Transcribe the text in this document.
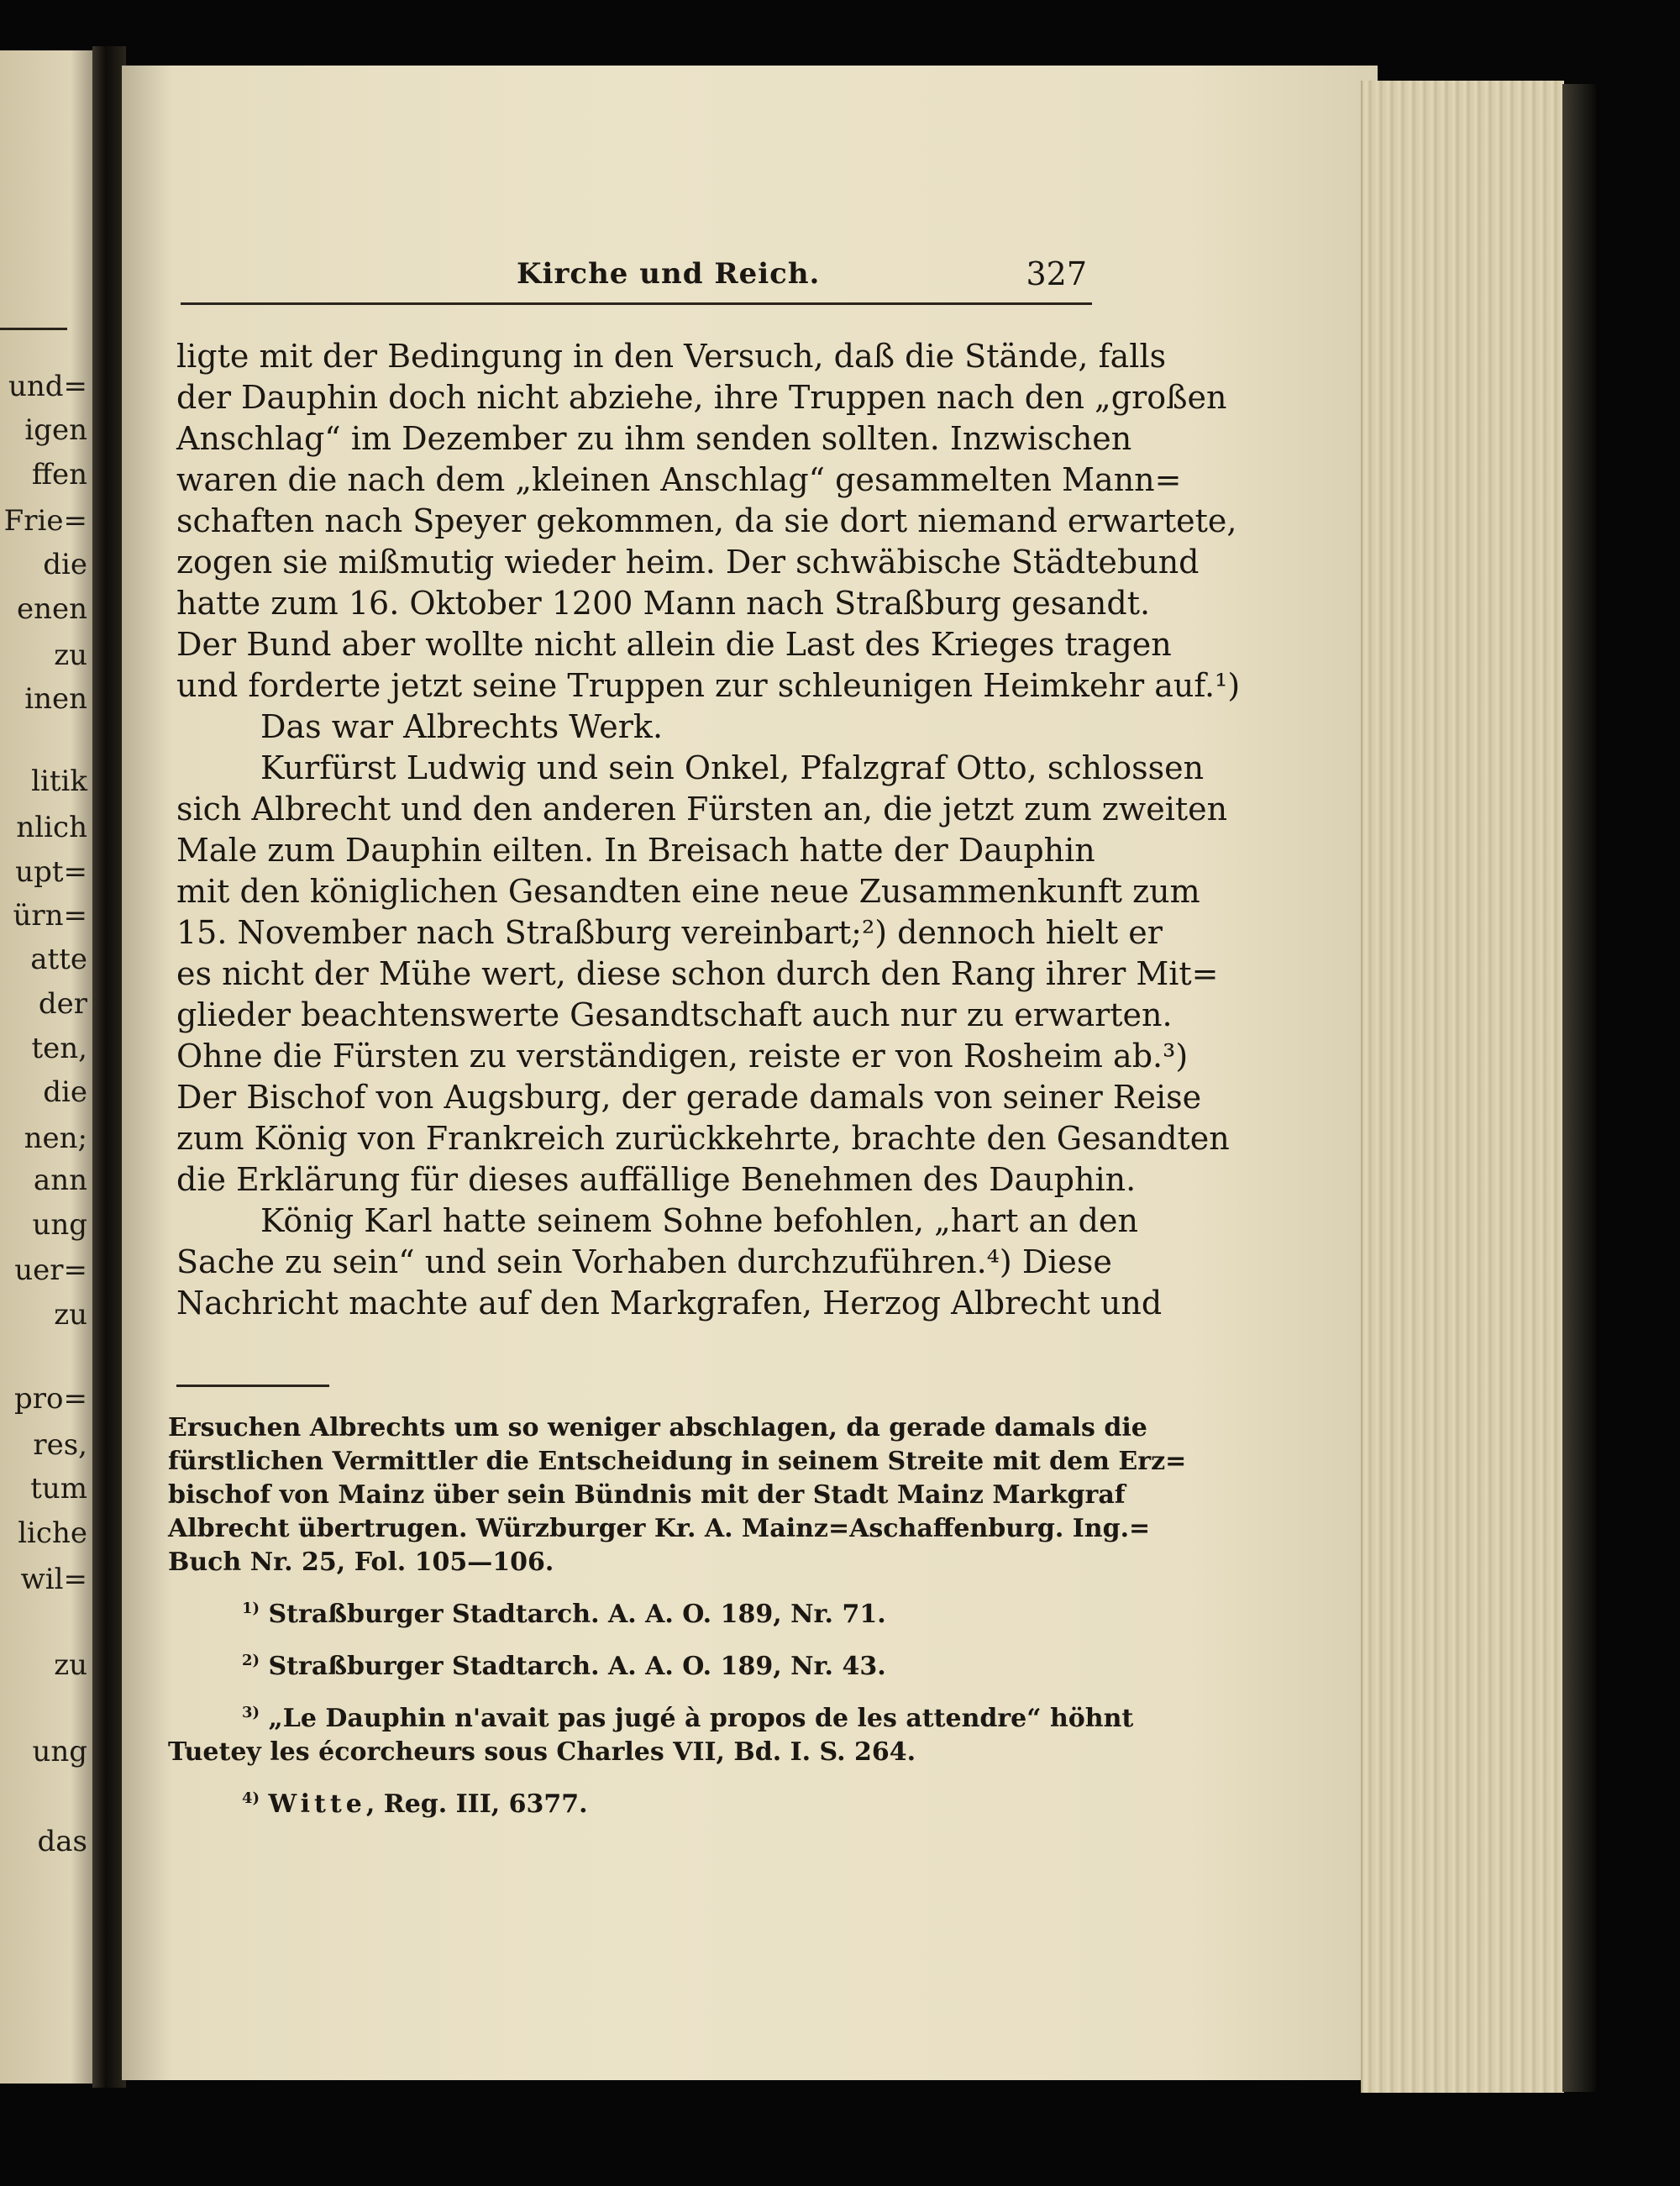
und=
igen
ffen
Frie=
die
enen
zu
inen
litik
nlich
upt=
ürn=
atte
der
ten,
die
nen;
ann
ung
uer=
zu
pro=
res,
tum
liche
wil=
zu
ung
das
Kirche und Reich.	327
ligte mit der Bedingung in den Versuch, daß die Stände, falls
der Dauphin doch nicht abziehe, ihre Truppen nach den „großen
Anschlag“ im Dezember zu ihm senden sollten. Inzwischen
waren die nach dem „kleinen Anschlag“ gesammelten Mann=
schaften nach Speyer gekommen, da sie dort niemand erwartete,
zogen sie mißmutig wieder heim. Der schwäbische Städtebund
hatte zum 16. Oktober 1200 Mann nach Straßburg gesandt.
Der Bund aber wollte nicht allein die Last des Krieges tragen
und forderte jetzt seine Truppen zur schleunigen Heimkehr auf.¹)
Das war Albrechts Werk.
Kurfürst Ludwig und sein Onkel, Pfalzgraf Otto, schlossen
sich Albrecht und den anderen Fürsten an, die jetzt zum zweiten
Male zum Dauphin eilten. In Breisach hatte der Dauphin
mit den königlichen Gesandten eine neue Zusammenkunft zum
15. November nach Straßburg vereinbart;²) dennoch hielt er
es nicht der Mühe wert, diese schon durch den Rang ihrer Mit=
glieder beachtenswerte Gesandtschaft auch nur zu erwarten.
Ohne die Fürsten zu verständigen, reiste er von Rosheim ab.³)
Der Bischof von Augsburg, der gerade damals von seiner Reise
zum König von Frankreich zurückkehrte, brachte den Gesandten
die Erklärung für dieses auffällige Benehmen des Dauphin.
König Karl hatte seinem Sohne befohlen, „hart an den
Sache zu sein“ und sein Vorhaben durchzuführen.⁴) Diese
Nachricht machte auf den Markgrafen, Herzog Albrecht und
Ersuchen Albrechts um so weniger abschlagen, da gerade damals die
fürstlichen Vermittler die Entscheidung in seinem Streite mit dem Erz=
bischof von Mainz über sein Bündnis mit der Stadt Mainz Markgraf
Albrecht übertrugen. Würzburger Kr. A. Mainz=Aschaffenburg. Ing.=
Buch Nr. 25, Fol. 105—106.
$^{1)}$ Straßburger Stadtarch. A. A. O. 189, Nr. 71.
$^{2)}$ Straßburger Stadtarch. A. A. O. 189, Nr. 43.
$^{3)}$ „Le Dauphin n'avait pas jugé à propos de les attendre“ höhnt
Tuetey les écorcheurs sous Charles VII, Bd. I. S. 264.
$^{4)}$ Witte, Reg. III, 6377.
